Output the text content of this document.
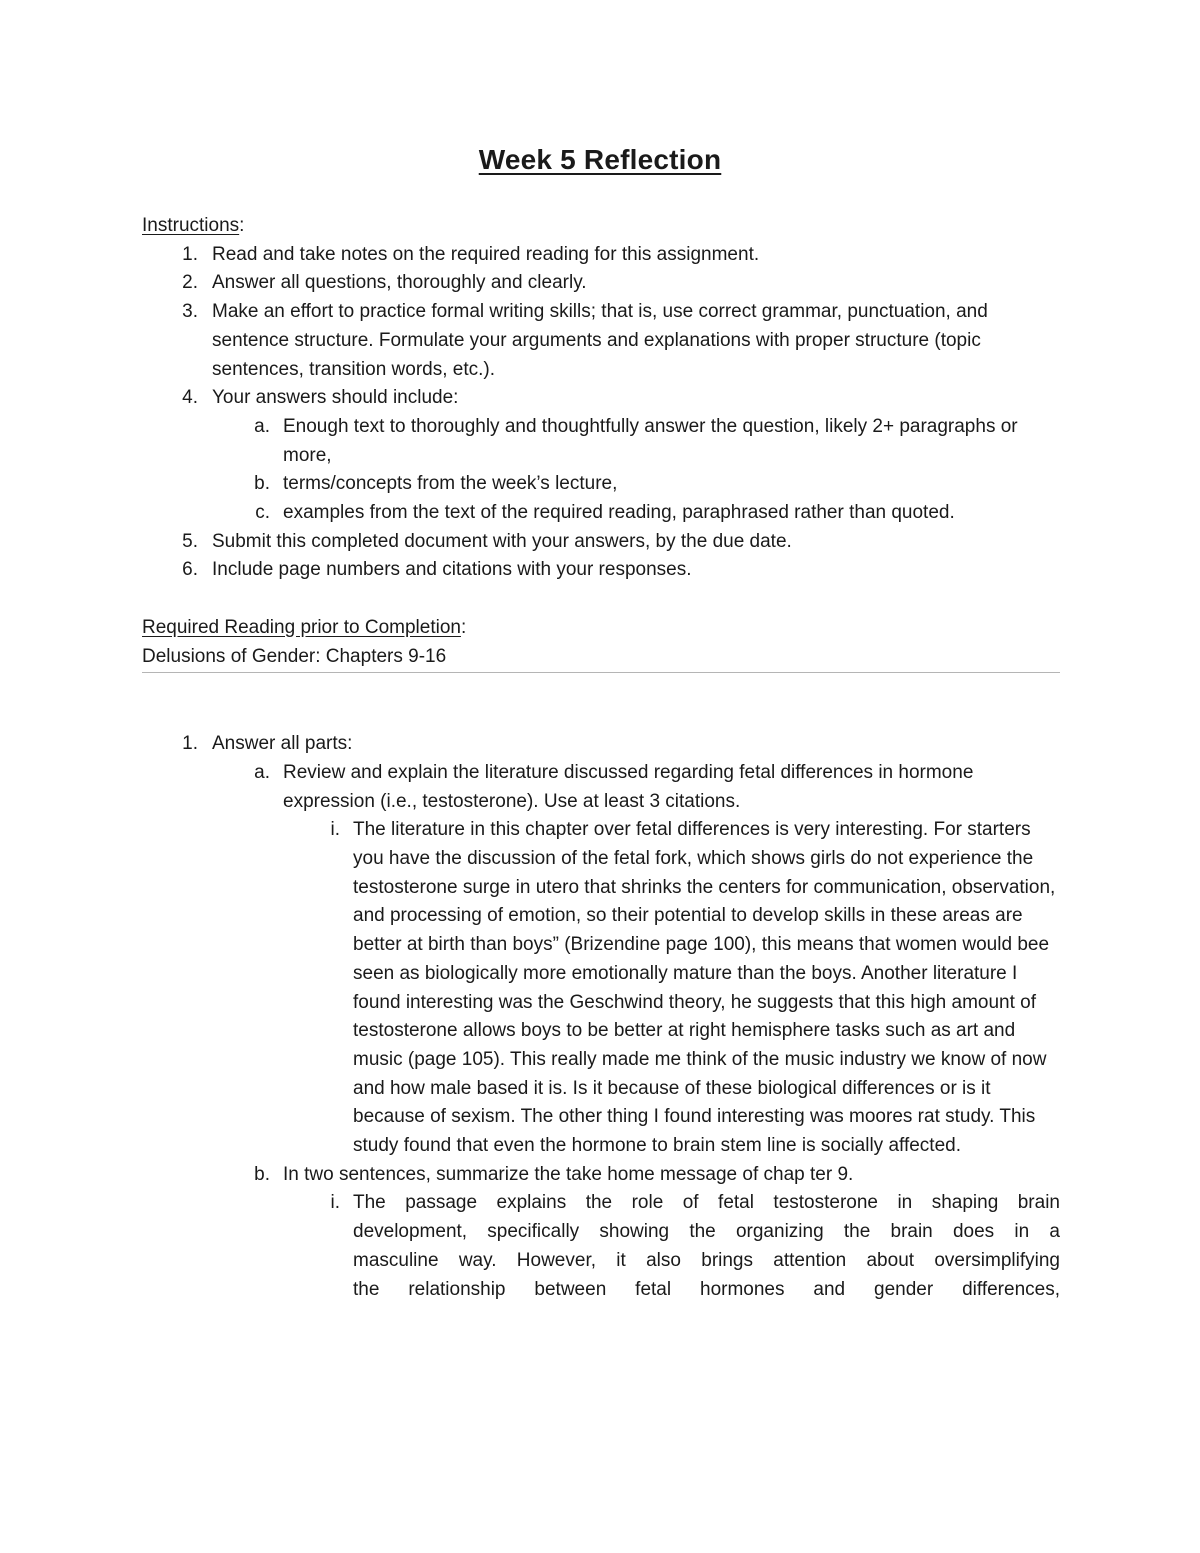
Week 5 Reflection

Instructions:

1. Read and take notes on the required reading for this assignment.
2. Answer all questions, thoroughly and clearly.
3. Make an effort to practice formal writing skills; that is, use correct grammar, punctuation, and sentence structure. Formulate your arguments and explanations with proper structure (topic sentences, transition words, etc.).
4. Your answers should include:
a. Enough text to thoroughly and thoughtfully answer the question, likely 2+ paragraphs or more,
b. terms/concepts from the week’s lecture,
c. examples from the text of the required reading, paraphrased rather than quoted.
5. Submit this completed document with your answers, by the due date.
6. Include page numbers and citations with your responses.

Required Reading prior to Completion:

Delusions of Gender: Chapters 9-16

1. Answer all parts:
a. Review and explain the literature discussed regarding fetal differences in hormone expression (i.e., testosterone). Use at least 3 citations.
i. The literature in this chapter over fetal differences is very interesting. For starters you have the discussion of the fetal fork, which shows girls do not experience the testosterone surge in utero that shrinks the centers for communication, observation, and processing of emotion, so their potential to develop skills in these areas are better at birth than boys” (Brizendine page 100), this means that women would bee seen as biologically more emotionally mature than the boys. Another literature I found interesting was the Geschwind theory, he suggests that this high amount of testosterone allows boys to be better at right hemisphere tasks such as art and music (page 105). This really made me think of the music industry we know of now and how male based it is. Is it because of these biological differences or is it because of sexism. The other thing I found interesting was moores rat study. This study found that even the hormone to brain stem line is socially affected.
b. In two sentences, summarize the take home message of chap ter 9.
i. The passage explains the role of fetal testosterone in shaping brain
development, specifically showing the organizing the brain does in a
masculine way. However, it also brings attention about oversimplifying
the relationship between fetal hormones and gender differences,
